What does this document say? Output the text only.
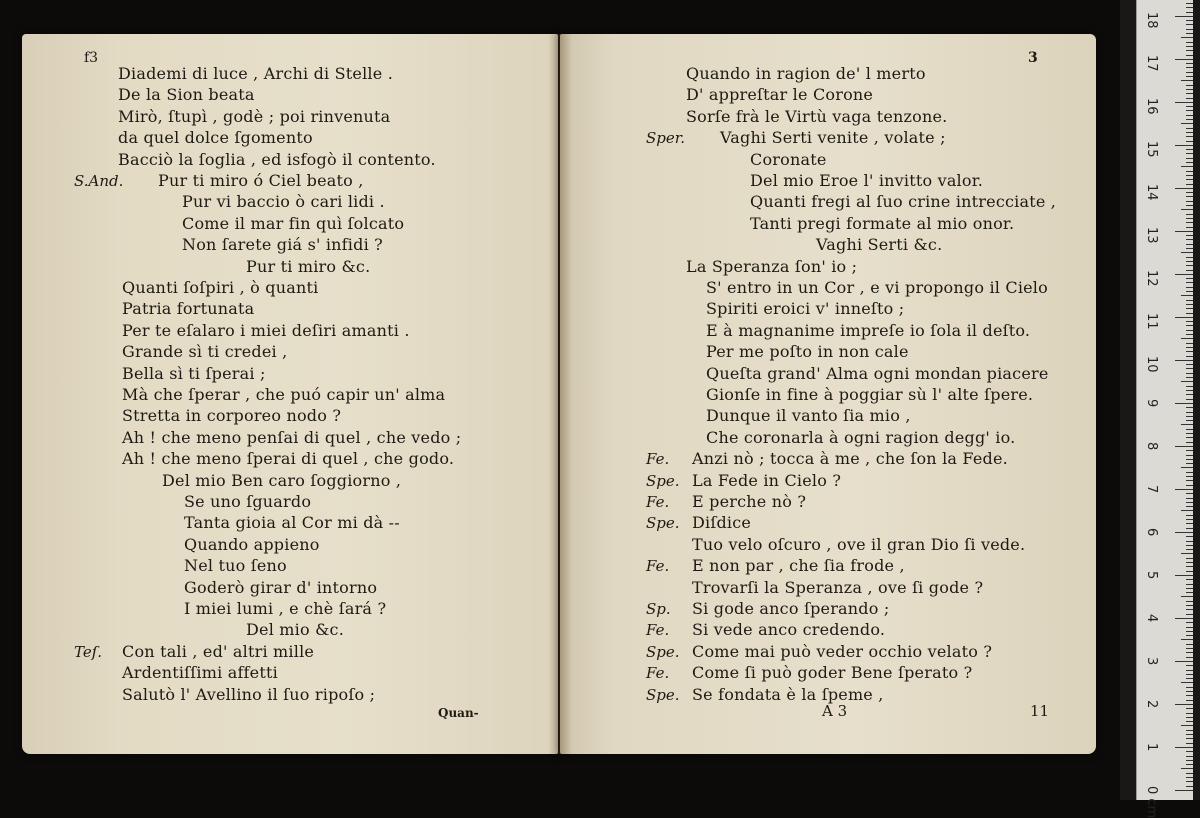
f3
Diademi di luce , Archi di Stelle .
De la Sion beata
Mirò, ſtupì , godè ; poi rinvenuta
da quel dolce ſgomento
Bacciò la ſoglia , ed isfogò il contento.
S.And. Pur ti miro ó Ciel beato ,
Pur vi baccio ò cari lidi .
Come il mar fin quì ſolcato
Non ſarete giá s' infidi ?
Pur ti miro &c.
Quanti ſoſpiri , ò quanti
Patria fortunata
Per te eſalaro i miei deſiri amanti .
Grande sì ti credei ,
Bella sì ti ſperai ;
Mà che ſperar , che puó capir un' alma
Stretta in corporeo nodo ?
Ah ! che meno penſai di quel , che vedo ;
Ah ! che meno ſperai di quel , che godo.
Del mio Ben caro ſoggiorno ,
Se uno ſguardo
Tanta gioia al Cor mi dà --
Quando appieno
Nel tuo ſeno
Goderò girar d' intorno
I miei lumi , e chè ſará ?
Del mio &c.
Teſ. Con tali , ed' altri mille
Ardentiſſimi affetti
Salutò l' Avellino il ſuo ripoſo ;
Quan-
3
Quando in ragion de' l merto
D' appreſtar le Corone
Sorſe frà le Virtù vaga tenzone.
Sper. Vaghi Serti venite , volate ;
Coronate
Del mio Eroe l' invitto valor.
Quanti fregi al ſuo crine intrecciate ,
Tanti pregi formate al mio onor.
Vaghi Serti &c.
La Speranza ſon' io ;
S' entro in un Cor , e vi propongo il Cielo
Spiriti eroici v' inneſto ;
E à magnanime impreſe io ſola il deſto.
Per me poſto in non cale
Queſta grand' Alma ogni mondan piacere
Gionſe in fine à poggiar sù l' alte ſpere.
Dunque il vanto ſia mio ,
Che coronarla à ogni ragion degg' io.
Fe. Anzi nò ; tocca à me , che ſon la Fede.
Spe. La Fede in Cielo ?
Fe. E perche nò ?
Spe. Diſdice
Tuo velo oſcuro , ove il gran Dio ſi vede.
Fe. E non par , che ſia frode ,
Trovarſi la Speranza , ove ſi gode ?
Sp. Si gode anco ſperando ;
Fe. Si vede anco credendo.
Spe. Come mai può veder occhio velato ?
Fe. Come ſi può goder Bene ſperato ?
Spe. Se fondata è la ſpeme ,
A 3	11
0 cm
1
2
3
4
5
6
7
8
9
10
11
12
13
14
15
16
17
18
